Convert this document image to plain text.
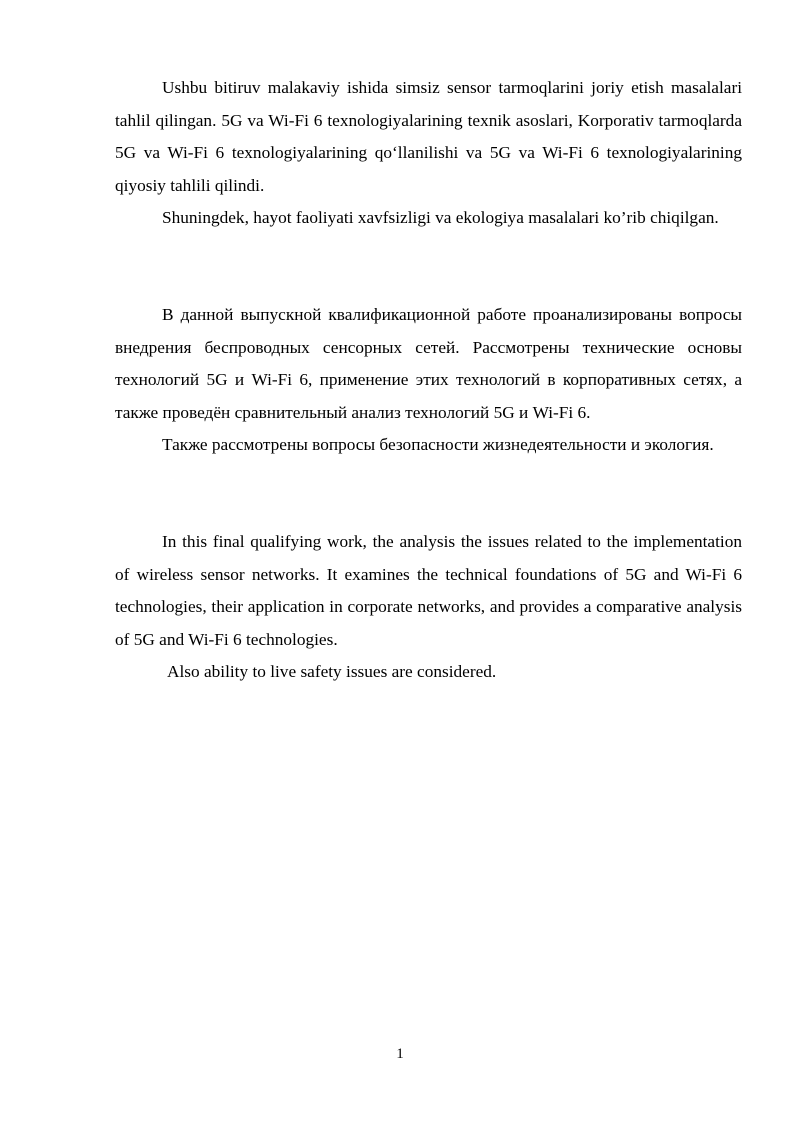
Ushbu bitiruv malakaviy ishida simsiz sensor tarmoqlarini joriy etish masalalari tahlil qilingan. 5G va Wi-Fi 6 texnologiyalarining texnik asoslari, Korporativ tarmoqlarda 5G va Wi-Fi 6 texnologiyalarining qo‘llanilishi va 5G va Wi-Fi 6 texnologiyalarining qiyosiy tahlili qilindi.

Shuningdek, hayot faoliyati xavfsizligi va ekologiya masalalari ko’rib chiqilgan.

В данной выпускной квалификационной работе проанализированы вопросы внедрения беспроводных сенсорных сетей. Рассмотрены технические основы технологий 5G и Wi-Fi 6, применение этих технологий в корпоративных сетях, а также проведён сравнительный анализ технологий 5G и Wi-Fi 6.

Также рассмотрены вопросы безопасности жизнедеятельности и экология.

In this final qualifying work, the analysis the issues related to the implementation of wireless sensor networks. It examines the technical foundations of 5G and Wi-Fi 6 technologies, their application in corporate networks, and provides a comparative analysis of 5G and Wi-Fi 6 technologies.

Also ability to live safety issues are considered.

1
